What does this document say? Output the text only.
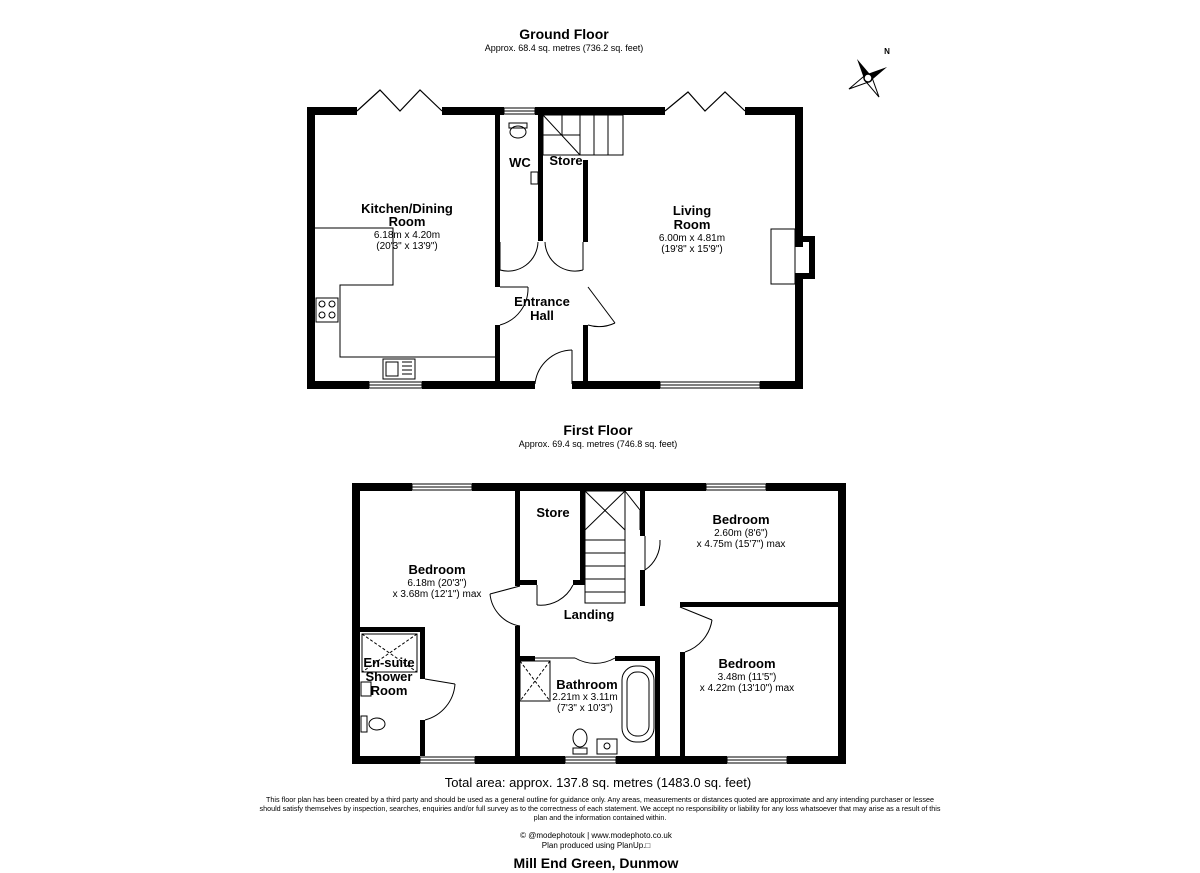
Ground Floor
Approx. 68.4 sq. metres (736.2 sq. feet)
First Floor
Approx. 69.4 sq. metres (746.8 sq. feet)
N
Kitchen/Dining
Room
6.18m x 4.20m
(20'3" x 13'9")
WC Store
Living
Room
6.00m x 4.81m
(19'8" x 15'9")
Entrance
Hall
Store
Bedroom
6.18m (20'3")
x 3.68m (12'1") max
Bedroom
2.60m (8'6")
x 4.75m (15'7") max
Landing
Bedroom
3.48m (11'5")
x 4.22m (13'10") max
En-suite
Shower
Room	Bathroom
2.21m x 3.11m
(7'3" x 10'3")
Total area: approx. 137.8 sq. metres (1483.0 sq. feet)
This floor plan has been created by a third party and should be used as a general outline for guidance only. Any areas, measurements or distances quoted are approximate and any intending purchaser or lessee
should satisfy themselves by inspection, searches, enquiries and/or full survey as to the correctness of each statement. We accept no responsibility or liability for any loss whatsoever that may arise as a result of this
plan and the information contained within.
© @modephotouk | www.modephoto.co.uk
Plan produced using PlanUp.□
Mill End Green, Dunmow
